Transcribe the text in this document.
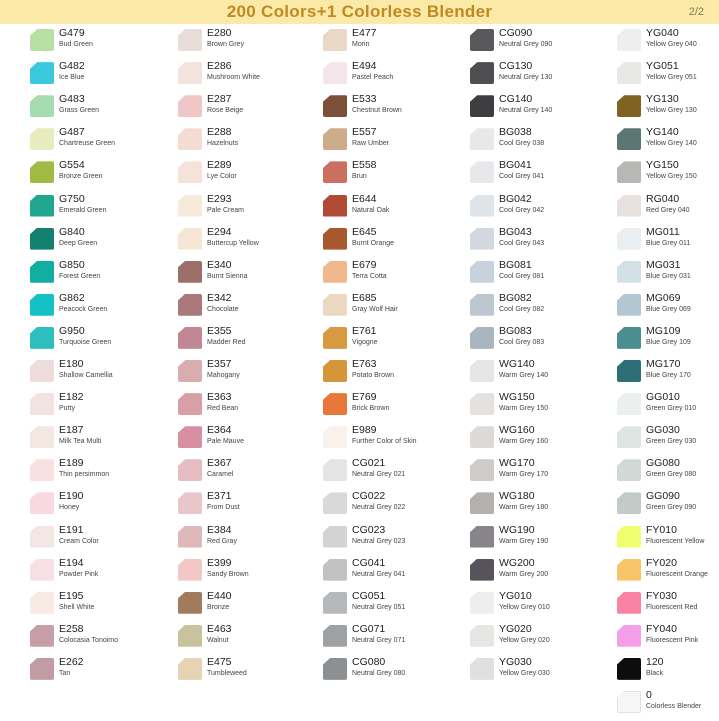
200 Colors+1 Colorless Blender	2/2
G479
Bud Green
G482
Ice Blue
G483
Grass Green
G487
Chartreuse Green
G554
Bronze Green
G750
Emerald Green
G840
Deep Green
G850
Forest Green
G862
Peacock Green
G950
Turquoise Green
E180
Shallow Camellia
E182
Putty
E187
Milk Tea Multi
E189
Thin persimmon
E190
Honey
E191
Cream Color
E194
Powder Pink
E195
Shell White
E258
Colocasia Tonoimo
E262
Tan
E280
Brown Grey
E286
Mushroom White
E287
Rose Beige
E288
Hazelnuts
E289
Lye Color
E293
Pale Cream
E294
Buttercup Yellow
E340
Burnt Sienna
E342
Chocolate
E355
Madder Red
E357
Mahogany
E363
Red Bean
E364
Pale Mauve
E367
Caramel
E371
From Dust
E384
Red Gray
E399
Sandy Brown
E440
Bronze
E463
Walnut
E475
Tumbleweed
E477
Morin
E494
Pastel Peach
E533
Chestnut Brown
E557
Raw Umber
E558
Brun
E644
Natural Oak
E645
Burnt Orange
E679
Terra Cotta
E685
Gray Wolf Hair
E761
Vigogne
E763
Potato Brown
E769
Brick Brown
E989
Further Color of Skin
CG021
Neutral Grey 021
CG022
Neutral Grey 022
CG023
Neutral Grey 023
CG041
Neutral Grey 041
CG051
Neutral Grey 051
CG071
Neutral Grey 071
CG080
Neutral Grey 080
CG090
Neutral Grey 090
CG130
Neutral Grey 130
CG140
Neutral Grey 140
BG038
Cool Grey 038
BG041
Cool Grey 041
BG042
Cool Grey 042
BG043
Cool Grey 043
BG081
Cool Grey 081
BG082
Cool Grey 082
BG083
Cool Grey 083
WG140
Warm Grey 140
WG150
Warm Grey 150
WG160
Warm Grey 160
WG170
Warm Grey 170
WG180
Warm Grey 180
WG190
Warm Grey 190
WG200
Warm Grey 200
YG010
Yellow Grey 010
YG020
Yellow Grey 020
YG030
Yellow Grey 030
YG040
Yellow Grey 040
YG051
Yellow Grey 051
YG130
Yellow Grey 130
YG140
Yellow Grey 140
YG150
Yellow Grey 150
RG040
Red Grey 040
MG011
Blue Grey 011
MG031
Blue Grey 031
MG069
Blue Grey 069
MG109
Blue Grey 109
MG170
Blue Grey 170
GG010
Green Grey 010
GG030
Green Grey 030
GG080
Green Grey 080
GG090
Green Grey 090
FY010
Fluorescent Yellow
FY020
Fluorescent Orange
FY030
Fluorescent Red
FY040
Fluorescent Pink
120
Black
0
Colorless Blender
